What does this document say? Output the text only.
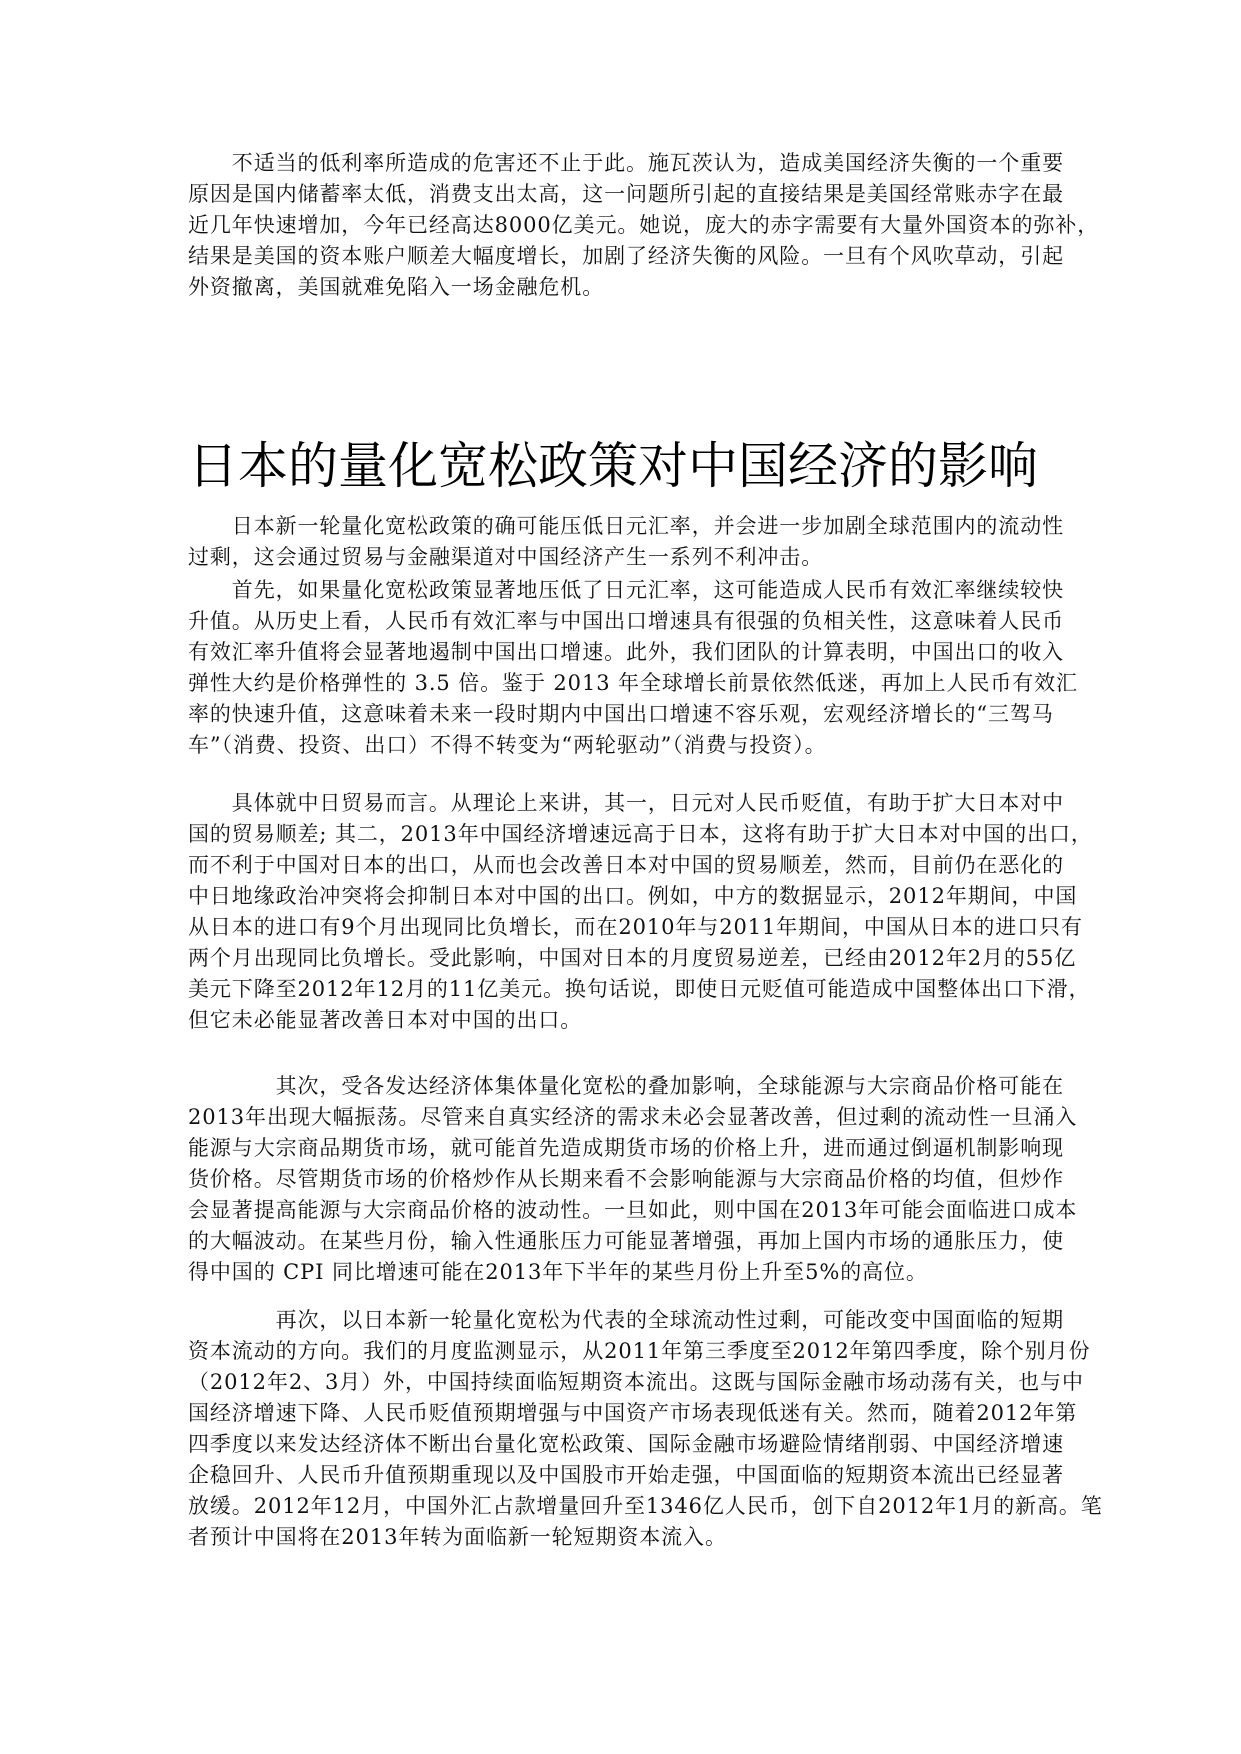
　　不适当的低利率所造成的危害还不止于此。施瓦茨认为，造成美国经济失衡的一个重要
原因是国内储蓄率太低，消费支出太高，这一问题所引起的直接结果是美国经常账赤字在最
近几年快速增加，今年已经高达8000亿美元。她说，庞大的赤字需要有大量外国资本的弥补，
结果是美国的资本账户顺差大幅度增长，加剧了经济失衡的风险。一旦有个风吹草动，引起
外资撤离，美国就难免陷入一场金融危机。
日本的量化宽松政策对中国经济的影响
　　日本新一轮量化宽松政策的确可能压低日元汇率，并会进一步加剧全球范围内的流动性
过剩，这会通过贸易与金融渠道对中国经济产生一系列不利冲击。
　　首先，如果量化宽松政策显著地压低了日元汇率，这可能造成人民币有效汇率继续较快
升值。从历史上看，人民币有效汇率与中国出口增速具有很强的负相关性，这意味着人民币
有效汇率升值将会显著地遏制中国出口增速。此外，我们团队的计算表明，中国出口的收入
弹性大约是价格弹性的 3.5 倍。鉴于 2013 年全球增长前景依然低迷，再加上人民币有效汇
率的快速升值，这意味着未来一段时期内中国出口增速不容乐观，宏观经济增长的“三驾马
车”（消费、投资、出口）不得不转变为“两轮驱动”（消费与投资）。
　　具体就中日贸易而言。从理论上来讲，其一，日元对人民币贬值，有助于扩大日本对中
国的贸易顺差; 其二，2013年中国经济增速远高于日本，这将有助于扩大日本对中国的出口，
而不利于中国对日本的出口，从而也会改善日本对中国的贸易顺差，然而，目前仍在恶化的
中日地缘政治冲突将会抑制日本对中国的出口。例如，中方的数据显示，2012年期间，中国
从日本的进口有9个月出现同比负增长，而在2010年与2011年期间，中国从日本的进口只有
两个月出现同比负增长。受此影响，中国对日本的月度贸易逆差，已经由2012年2月的55亿
美元下降至2012年12月的11亿美元。换句话说，即使日元贬值可能造成中国整体出口下滑，
但它未必能显著改善日本对中国的出口。
　　　　其次，受各发达经济体集体量化宽松的叠加影响，全球能源与大宗商品价格可能在
2013年出现大幅振荡。尽管来自真实经济的需求未必会显著改善，但过剩的流动性一旦涌入
能源与大宗商品期货市场，就可能首先造成期货市场的价格上升，进而通过倒逼机制影响现
货价格。尽管期货市场的价格炒作从长期来看不会影响能源与大宗商品价格的均值，但炒作
会显著提高能源与大宗商品价格的波动性。一旦如此，则中国在2013年可能会面临进口成本
的大幅波动。在某些月份，输入性通胀压力可能显著增强，再加上国内市场的通胀压力，使
得中国的 CPI 同比增速可能在2013年下半年的某些月份上升至5%的高位。
　　　　再次，以日本新一轮量化宽松为代表的全球流动性过剩，可能改变中国面临的短期
资本流动的方向。我们的月度监测显示，从2011年第三季度至2012年第四季度，除个别月份
（2012年2、3月）外，中国持续面临短期资本流出。这既与国际金融市场动荡有关，也与中
国经济增速下降、人民币贬值预期增强与中国资产市场表现低迷有关。然而，随着2012年第
四季度以来发达经济体不断出台量化宽松政策、国际金融市场避险情绪削弱、中国经济增速
企稳回升、人民币升值预期重现以及中国股市开始走强，中国面临的短期资本流出已经显著
放缓。2012年12月，中国外汇占款增量回升至1346亿人民币，创下自2012年1月的新高。笔
者预计中国将在2013年转为面临新一轮短期资本流入。
